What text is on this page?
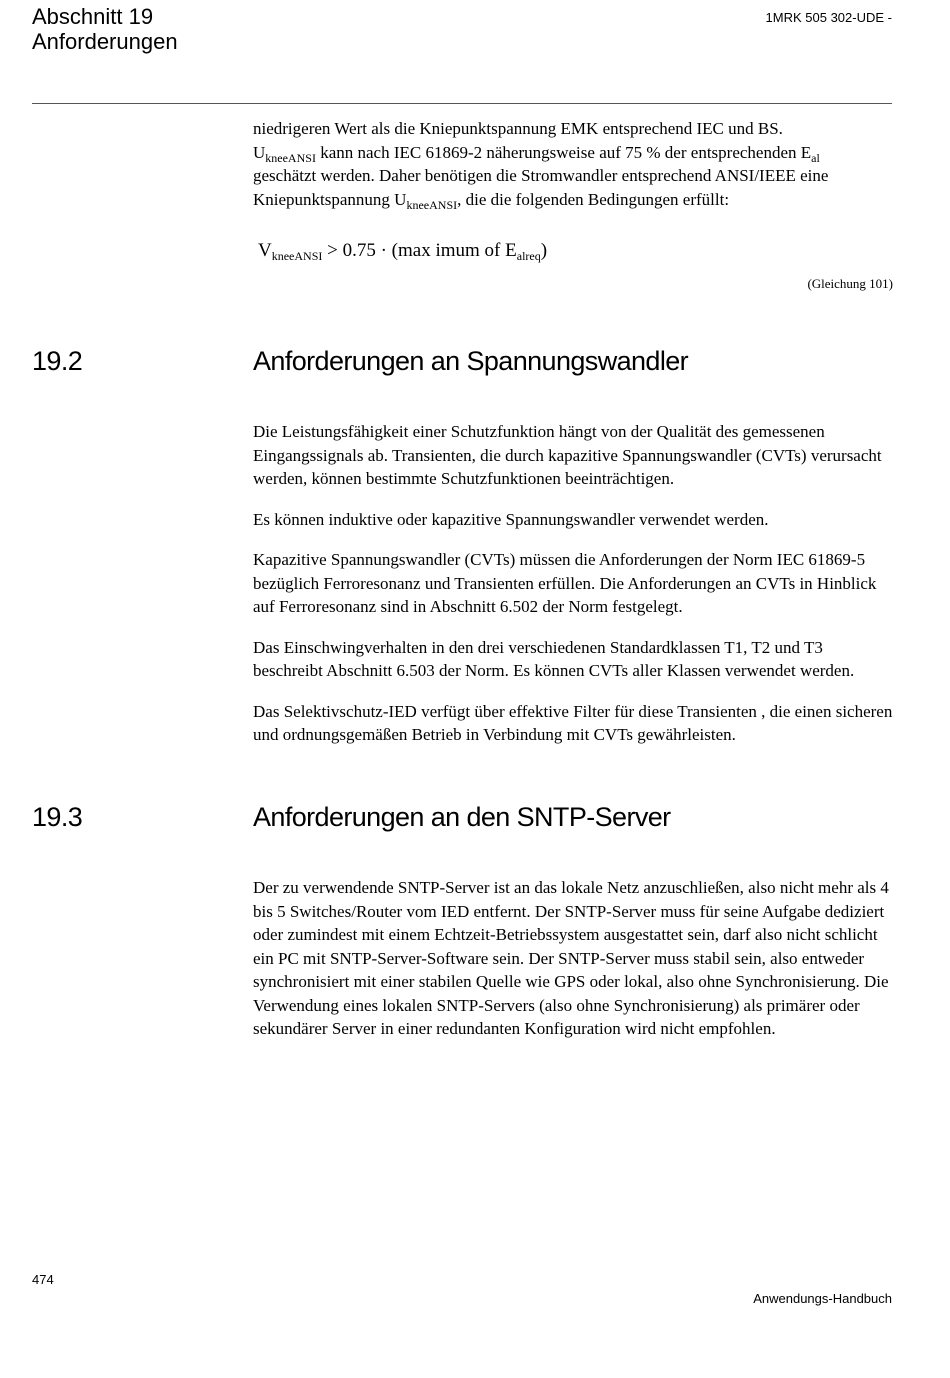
Abschnitt 19
Anforderungen
1MRK 505 302-UDE -
niedrigeren Wert als die Kniepunktspannung EMK entsprechend IEC und BS.
$U_{kneeANSI}$ kann nach IEC 61869-2 näherungsweise auf 75 % der entsprechenden $E_{al}$
geschätzt werden. Daher benötigen die Stromwandler entsprechend ANSI/IEEE eine
Kniepunktspannung $U_{kneeANSI}$, die die folgenden Bedingungen erfüllt:
$V_{kneeANSI} > 0.75 \cdot (\max$ imum of $E_{alreq}$)
(Gleichung 101)
19.2	Anforderungen an Spannungswandler

Die Leistungsfähigkeit einer Schutzfunktion hängt von der Qualität des gemessenen Eingangssignals ab. Transienten, die durch kapazitive Spannungswandler (CVTs) verursacht werden, können bestimmte Schutzfunktionen beeinträchtigen.

Es können induktive oder kapazitive Spannungswandler verwendet werden.

Kapazitive Spannungswandler (CVTs) müssen die Anforderungen der Norm IEC 61869-5 bezüglich Ferroresonanz und Transienten erfüllen. Die Anforderungen an CVTs in Hinblick auf Ferroresonanz sind in Abschnitt 6.502 der Norm festgelegt.

Das Einschwingverhalten in den drei verschiedenen Standardklassen T1, T2 und T3 beschreibt Abschnitt 6.503 der Norm. Es können CVTs aller Klassen verwendet werden.

Das Selektivschutz-IED verfügt über effektive Filter für diese Transienten , die einen sicheren und ordnungsgemäßen Betrieb in Verbindung mit CVTs gewährleisten.

19.3	Anforderungen an den SNTP-Server

Der zu verwendende SNTP-Server ist an das lokale Netz anzuschließen, also nicht mehr als 4 bis 5 Switches/Router vom IED entfernt. Der SNTP-Server muss für seine Aufgabe dediziert oder zumindest mit einem Echtzeit-Betriebssystem ausgestattet sein, darf also nicht schlicht ein PC mit SNTP-Server-Software sein. Der SNTP-Server muss stabil sein, also entweder synchronisiert mit einer stabilen Quelle wie GPS oder lokal, also ohne Synchronisierung. Die Verwendung eines lokalen SNTP-Servers (also ohne Synchronisierung) als primärer oder sekundärer Server in einer redundanten Konfiguration wird nicht empfohlen.

474
Anwendungs-Handbuch
